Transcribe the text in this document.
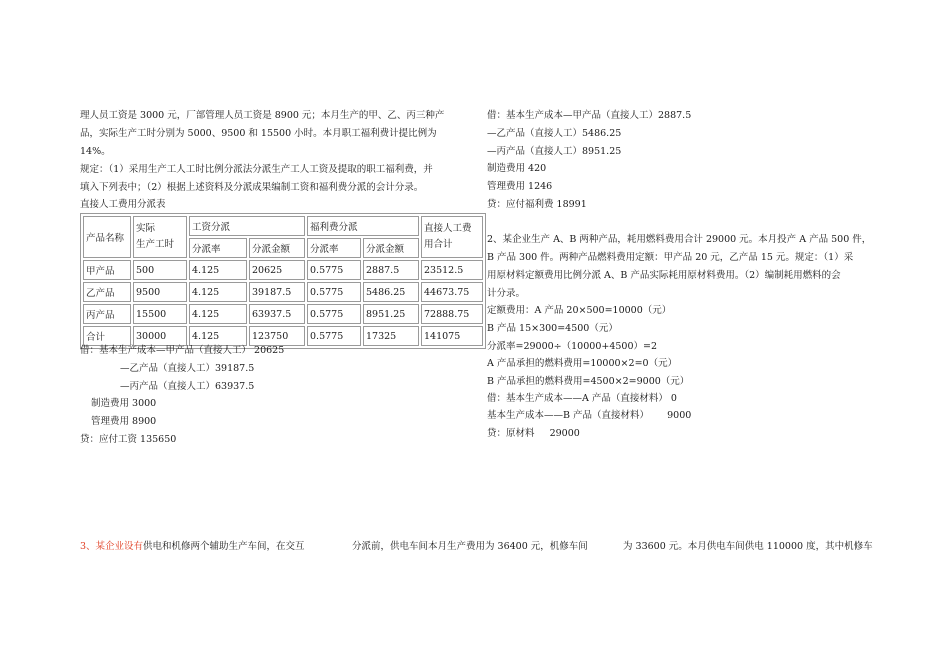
理人员工资是 3000 元，厂部管理人员工资是 8900 元；本月生产的甲、乙、丙三种产
品，实际生产工时分别为 5000、9500 和 15500 小时。本月职工福利费计提比例为
14%。
规定：（1）采用生产工人工时比例分派法分派生产工人工资及提取的职工福利费，并
填入下列表中；（2）根据上述资料及分派成果编制工资和福利费分派的会计分录。
直接人工费用分派表
产品名称	实际
生产工时	工资分派		福利费分派		直接人工费
用合计
		分派率	分派金额	分派率	分派金额	
甲产品	500	4.125	20625	0.5775	2887.5	23512.5
乙产品	9500	4.125	39187.5	0.5775	5486.25	44673.75
丙产品	15500	4.125	63937.5	0.5775	8951.25	72888.75
合计	30000	4.125	123750	0.5775	17325	141075
借：基本生产成本—甲产品（直接人工） 20625
—乙产品（直接人工）39187.5
—丙产品（直接人工）63937.5
制造费用 3000
管理费用 8900
贷：应付工资 135650
借：基本生产成本—甲产品（直接人工）2887.5
—乙产品（直接人工）5486.25
—丙产品（直接人工）8951.25
制造费用 420
管理费用 1246
贷：应付福利费 18991
2、某企业生产 A、B 两种产品，耗用燃料费用合计 29000 元。本月投产 A 产品 500 件，
B 产品 300 件。两种产品燃料费用定额：甲产品 20 元，乙产品 15 元。规定：（1）采
用原材料定额费用比例分派 A、B 产品实际耗用原材料费用。（2）编制耗用燃料的会
计分录。
定额费用：A 产品 20×500=10000（元）
B 产品 15×300=4500（元）
分派率=29000÷（10000+4500）=2
A 产品承担的燃料费用=10000×2=0（元）
B 产品承担的燃料费用=4500×2=9000（元）
借：基本生产成本——A 产品（直接材料） 0
基本生产成本——B 产品（直接材料）      9000
贷：原材料     29000
3、某企业设有供电和机修两个辅助生产车间，在交互	分派前，供电车间本月生产费用为 36400 元，机修车间	为 33600 元。本月供电车间供电 110000 度，其中机修车
